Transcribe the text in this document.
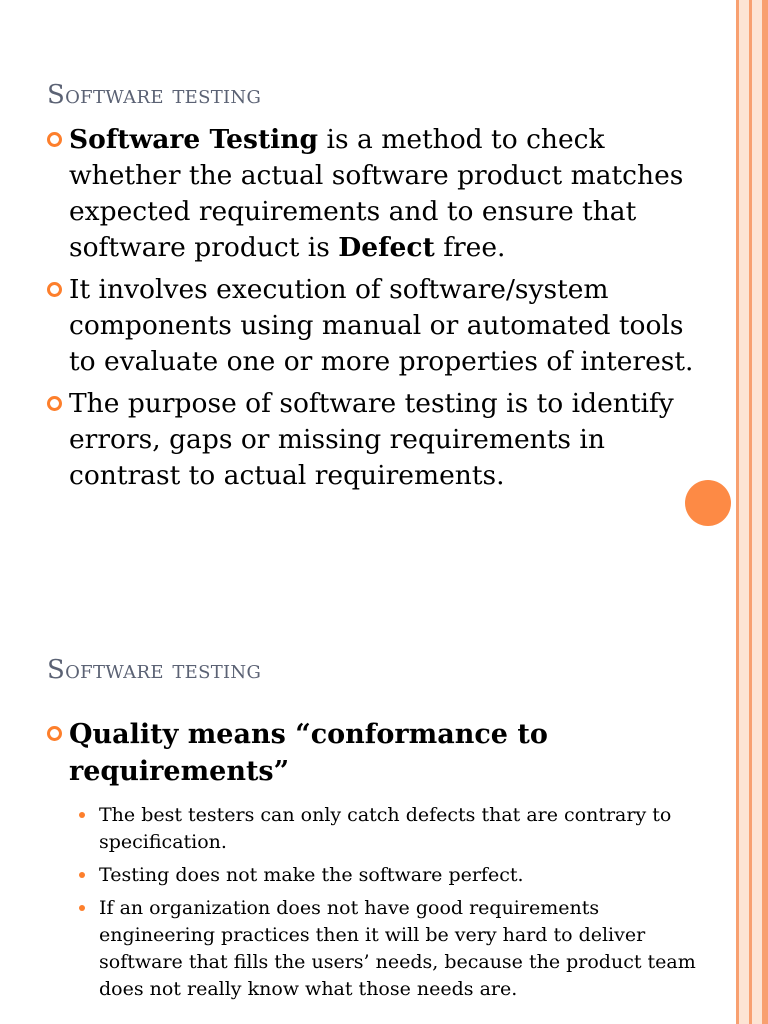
Software testing
Software Testing is a method to check whether the actual software product matches expected requirements and to ensure that software product is Defect free.
It involves execution of software/system components using manual or automated tools to evaluate one or more properties of interest.
The purpose of software testing is to identify errors, gaps or missing requirements in contrast to actual requirements.
Software testing
Quality means “conformance to requirements”
The best testers can only catch defects that are contrary to specification.
Testing does not make the software perfect.
If an organization does not have good requirements engineering practices then it will be very hard to deliver software that fills the users’ needs, because the product team does not really know what those needs are.
